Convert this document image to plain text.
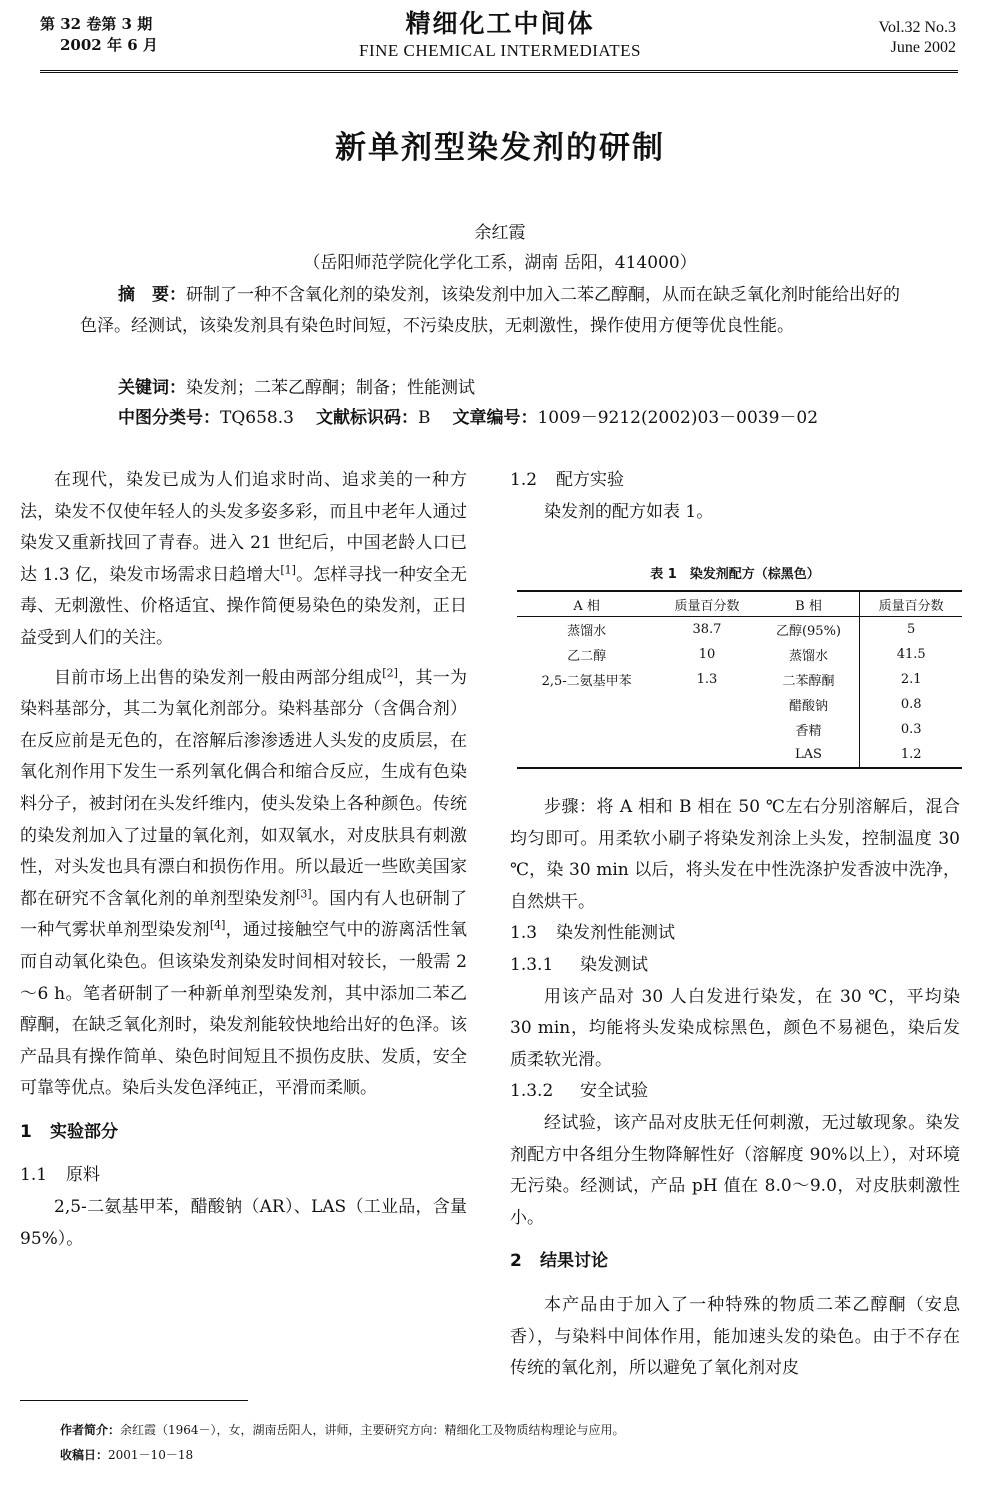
第 32 卷第 3 期
2002 年 6 月
精细化工中间体
FINE CHEMICAL INTERMEDIATES
Vol.32 No.3
June 2002
新单剂型染发剂的研制
余红霞
（岳阳师范学院化学化工系，湖南 岳阳，414000）
摘　要：研制了一种不含氧化剂的染发剂，该染发剂中加入二苯乙醇酮，从而在缺乏氧化剂时能给出好的色泽。经测试，该染发剂具有染色时间短，不污染皮肤，无刺激性，操作使用方便等优良性能。
关键词：染发剂；二苯乙醇酮；制备；性能测试
中图分类号：TQ658.3 文献标识码：B 文章编号：1009－9212(2002)03－0039－02

在现代，染发已成为人们追求时尚、追求美的一种方法，染发不仅使年轻人的头发多姿多彩，而且中老年人通过染发又重新找回了青春。进入 21 世纪后，中国老龄人口已达 1.3 亿，染发市场需求日趋增大[1]。怎样寻找一种安全无毒、无刺激性、价格适宜、操作简便易染色的染发剂，正日益受到人们的关注。

目前市场上出售的染发剂一般由两部分组成[2]，其一为染料基部分，其二为氧化剂部分。染料基部分（含偶合剂）在反应前是无色的，在溶解后渗渗透进人头发的皮质层，在氧化剂作用下发生一系列氧化偶合和缩合反应，生成有色染料分子，被封闭在头发纤维内，使头发染上各种颜色。传统的染发剂加入了过量的氧化剂，如双氧水，对皮肤具有刺激性，对头发也具有漂白和损伤作用。所以最近一些欧美国家都在研究不含氧化剂的单剂型染发剂[3]。国内有人也研制了一种气雾状单剂型染发剂[4]，通过接触空气中的游离活性氧而自动氧化染色。但该染发剂染发时间相对较长，一般需 2～6 h。笔者研制了一种新单剂型染发剂，其中添加二苯乙醇酮，在缺乏氧化剂时，染发剂能较快地给出好的色泽。该产品具有操作简单、染色时间短且不损伤皮肤、发质，安全可靠等优点。染后头发色泽纯正，平滑而柔顺。

1 实验部分

1.1 原料

2,5-二氨基甲苯，醋酸钠（AR）、LAS（工业品，含量 95%）。

1.2 配方实验

染发剂的配方如表 1。

表 1　染发剂配方（棕黑色）
A 相	质量百分数	B 相	质量百分数
蒸馏水	38.7	乙醇(95%)	5
乙二醇	10	蒸馏水	41.5
2,5-二氨基甲苯	1.3	二苯醇酮	2.1
		醋酸钠	0.8
		香精	0.3
		LAS	1.2

步骤：将 A 相和 B 相在 50 ℃左右分别溶解后，混合均匀即可。用柔软小刷子将染发剂涂上头发，控制温度 30 ℃，染 30 min 以后，将头发在中性洗涤护发香波中洗净，自然烘干。

1.3 染发剂性能测试

1.3.1 染发测试

用该产品对 30 人白发进行染发，在 30 ℃，平均染 30 min，均能将头发染成棕黑色，颜色不易褪色，染后发质柔软光滑。

1.3.2 安全试验

经试验，该产品对皮肤无任何刺激，无过敏现象。染发剂配方中各组分生物降解性好（溶解度 90%以上），对环境无污染。经测试，产品 pH 值在 8.0～9.0，对皮肤刺激性小。

2 结果讨论

本产品由于加入了一种特殊的物质二苯乙醇酮（安息香），与染料中间体作用，能加速头发的染色。由于不存在传统的氧化剂，所以避免了氧化剂对皮

作者简介：余红霞（1964－），女，湖南岳阳人，讲师，主要研究方向：精细化工及物质结构理论与应用。
收稿日：2001－10－18
